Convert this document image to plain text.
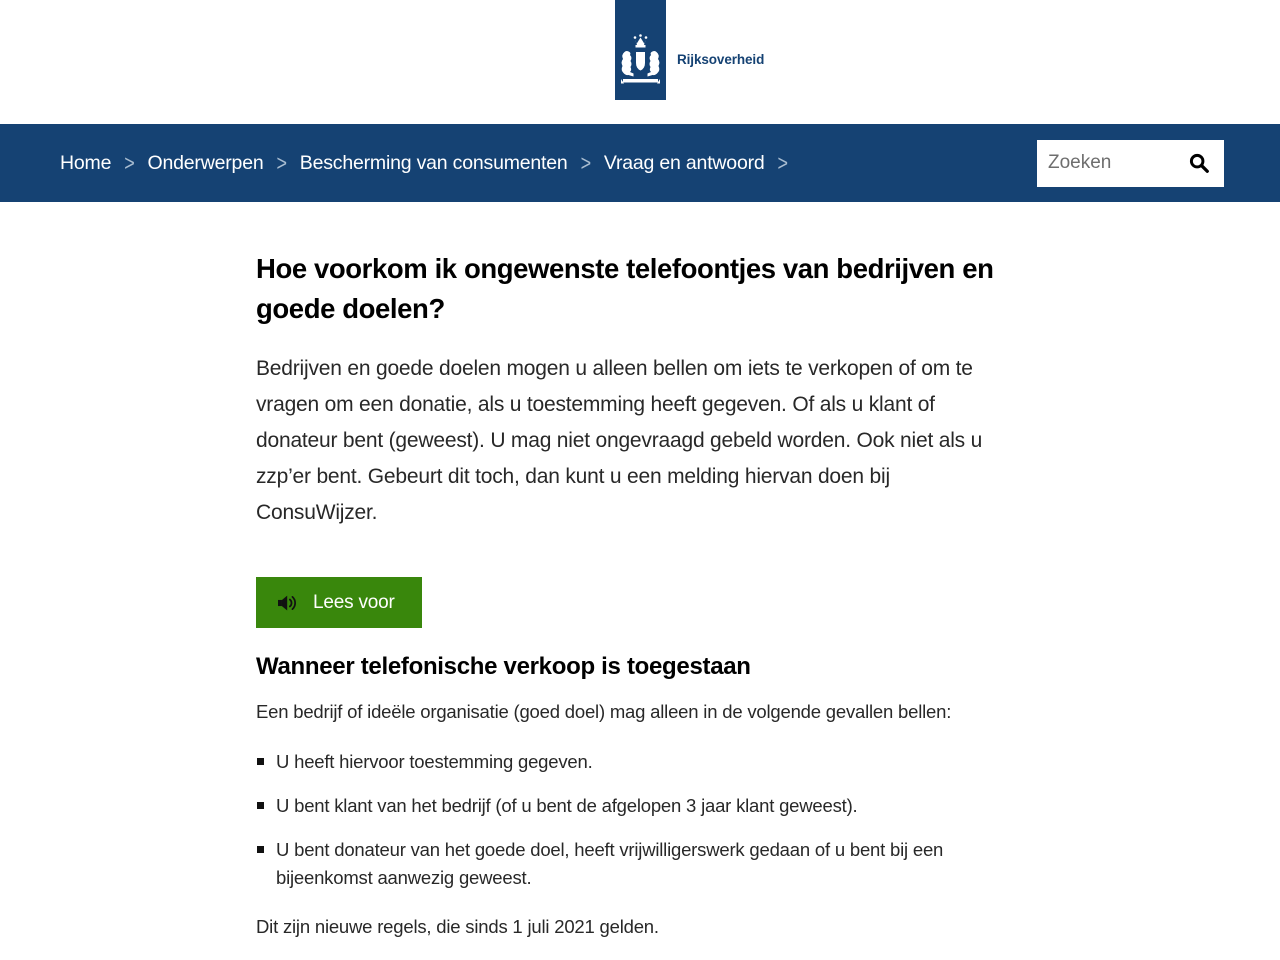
Rijksoverheid
Home > Onderwerpen > Bescherming van consumenten > Vraag en antwoord >
Zoeken
Hoe voorkom ik ongewenste telefoontjes van bedrijven en goede doelen?

Bedrijven en goede doelen mogen u alleen bellen om iets te verkopen of om te vragen om een donatie, als u toestemming heeft gegeven. Of als u klant of donateur bent (geweest). U mag niet ongevraagd gebeld worden. Ook niet als u zzp’er bent. Gebeurt dit toch, dan kunt u een melding hiervan doen bij ConsuWijzer.

Lees voor
Wanneer telefonische verkoop is toegestaan

Een bedrijf of ideële organisatie (goed doel) mag alleen in de volgende gevallen bellen:

U heeft hiervoor toestemming gegeven.
U bent klant van het bedrijf (of u bent de afgelopen 3 jaar klant geweest).
U bent donateur van het goede doel, heeft vrijwilligerswerk gedaan of u bent bij een bijeenkomst aanwezig geweest.

Dit zijn nieuwe regels, die sinds 1 juli 2021 gelden.
